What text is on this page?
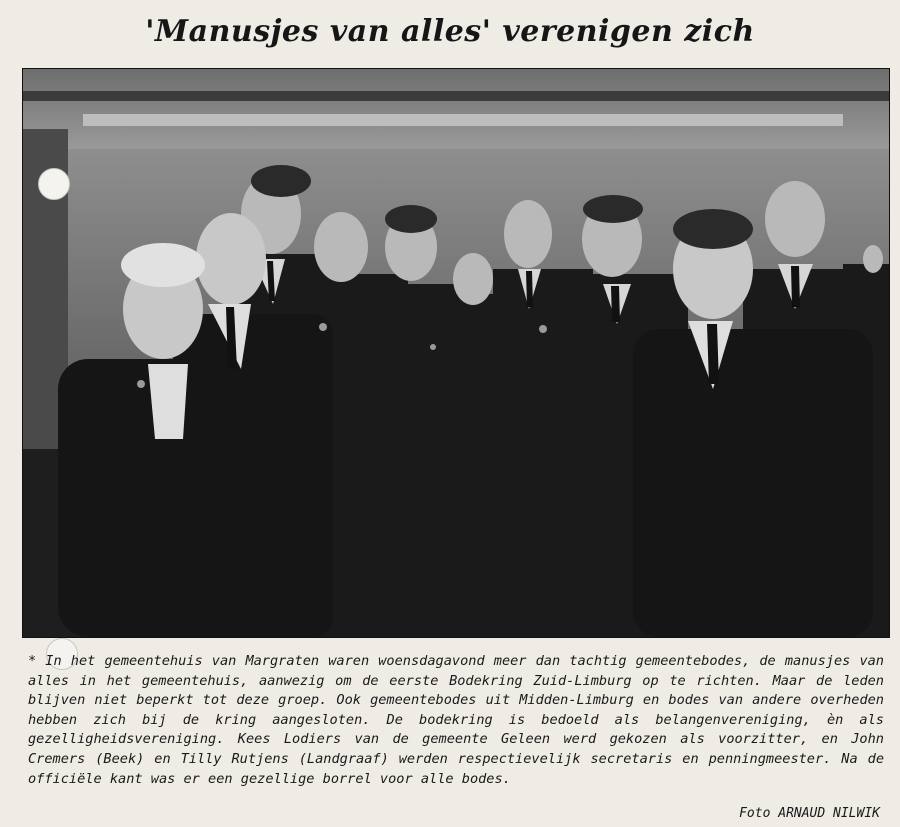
'Manusjes van alles' verenigen zich
* In het gemeentehuis van Margraten waren woensdagavond meer dan tachtig gemeentebodes, de manusjes van alles in het gemeentehuis, aanwezig om de eerste Bodekring Zuid-Limburg op te richten. Maar de leden blijven niet beperkt tot deze groep. Ook gemeentebodes uit Midden-Limburg en bodes van andere overheden hebben zich bij de kring aangesloten. De bodekring is bedoeld als belangenvereniging, èn als gezelligheidsvereniging. Kees Lodiers van de gemeente Geleen werd gekozen als voorzitter, en John Cremers (Beek) en Tilly Rutjens (Landgraaf) werden respectievelijk secretaris en penningmeester. Na de officiële kant was er een gezellige borrel voor alle bodes.
Foto ARNAUD NILWIK
